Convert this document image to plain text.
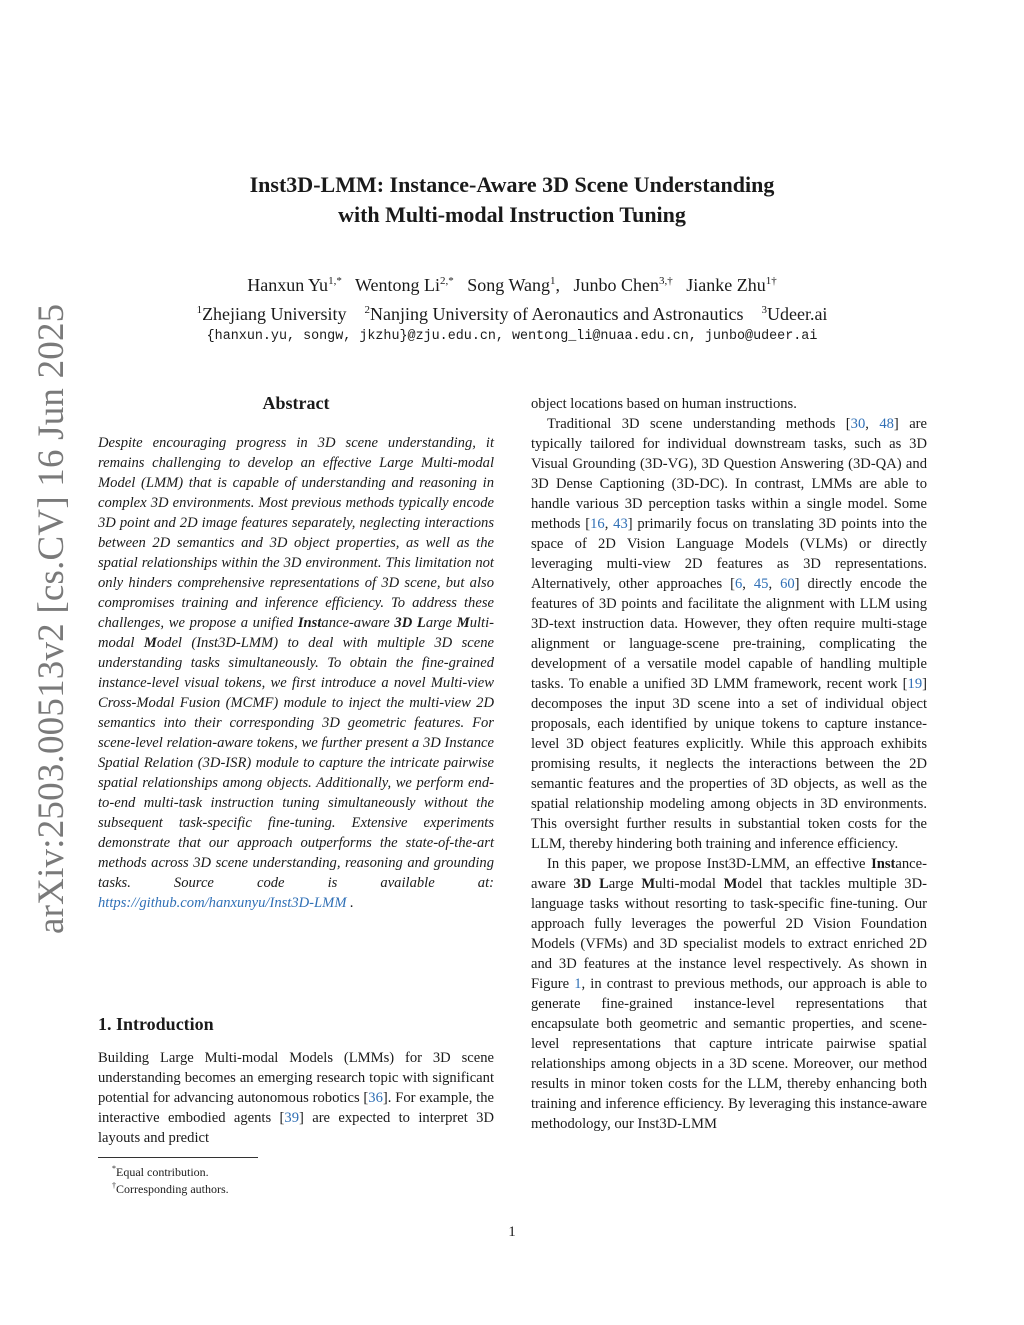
arXiv:2503.00513v2 [cs.CV] 16 Jun 2025
Inst3D-LMM: Instance-Aware 3D Scene Understanding
with Multi-modal Instruction Tuning
Hanxun $Yu^{1,*}$ Wentong $Li^{2,*}$ Song Wang$^1$,   Junbo Chen$^{3,\dagger}$ Jianke Zhu$^{1\dagger}$
$^1$Zhejiang University $^2$Nanjing University of Aeronautics and Astronautics $^3$Udeer.ai
{hanxun.yu, songw, jkzhu}@zju.edu.cn, wentong_li@nuaa.edu.cn, junbo@udeer.ai
Abstract
Despite encouraging progress in 3D scene understanding, it remains challenging to develop an effective Large Multi-modal Model (LMM) that is capable of understanding and reasoning in complex 3D environments. Most previous methods typically encode 3D point and 2D image features separately, neglecting interactions between 2D semantics and 3D object properties, as well as the spatial relationships within the 3D environment. This limitation not only hinders comprehensive representations of 3D scene, but also compromises training and inference efficiency. To address these challenges, we propose a unified Instance-aware 3D Large Multi-modal Model (Inst3D-LMM) to deal with multiple 3D scene understanding tasks simultaneously. To obtain the fine-grained instance-level visual tokens, we first introduce a novel Multi-view Cross-Modal Fusion (MCMF) module to inject the multi-view 2D semantics into their corresponding 3D geometric features. For scene-level relation-aware tokens, we further present a 3D Instance Spatial Relation (3D-ISR) module to capture the intricate pairwise spatial relationships among objects. Additionally, we perform end-to-end multi-task instruction tuning simultaneously without the subsequent task-specific fine-tuning. Extensive experiments demonstrate that our approach outperforms the state-of-the-art methods across 3D scene understanding, reasoning and grounding tasks. Source code is available at: https://github.com/hanxunyu/Inst3D-LMM .
1. Introduction
Building Large Multi-modal Models (LMMs) for 3D scene understanding becomes an emerging research topic with significant potential for advancing autonomous robotics [36]. For example, the interactive embodied agents [39] are expected to interpret 3D layouts and predict
*Equal contribution.
†Corresponding authors.

object locations based on human instructions.

Traditional 3D scene understanding methods [30, 48] are typically tailored for individual downstream tasks, such as 3D Visual Grounding (3D-VG), 3D Question Answering (3D-QA) and 3D Dense Captioning (3D-DC). In contrast, LMMs are able to handle various 3D perception tasks within a single model. Some methods [16, 43] primarily focus on translating 3D points into the space of 2D Vision Language Models (VLMs) or directly leveraging multi-view 2D features as 3D representations. Alternatively, other approaches [6, 45, 60] directly encode the features of 3D points and facilitate the alignment with LLM using 3D-text instruction data. However, they often require multi-stage alignment or language-scene pre-training, complicating the development of a versatile model capable of handling multiple tasks. To enable a unified 3D LMM framework, recent work [19] decomposes the input 3D scene into a set of individual object proposals, each identified by unique tokens to capture instance-level 3D object features explicitly. While this approach exhibits promising results, it neglects the interactions between the 2D semantic features and the properties of 3D objects, as well as the spatial relationship modeling among objects in 3D environments. This oversight further results in substantial token costs for the LLM, thereby hindering both training and inference efficiency.

In this paper, we propose Inst3D-LMM, an effective Instance-aware 3D Large Multi-modal Model that tackles multiple 3D-language tasks without resorting to task-specific fine-tuning. Our approach fully leverages the powerful 2D Vision Foundation Models (VFMs) and 3D specialist models to extract enriched 2D and 3D features at the instance level respectively. As shown in Figure 1, in contrast to previous methods, our approach is able to generate fine-grained instance-level representations that encapsulate both geometric and semantic properties, and scene-level representations that capture intricate pairwise spatial relationships among objects in a 3D scene. Moreover, our method results in minor token costs for the LLM, thereby enhancing both training and inference efficiency. By leveraging this instance-aware methodology, our Inst3D-LMM

1
